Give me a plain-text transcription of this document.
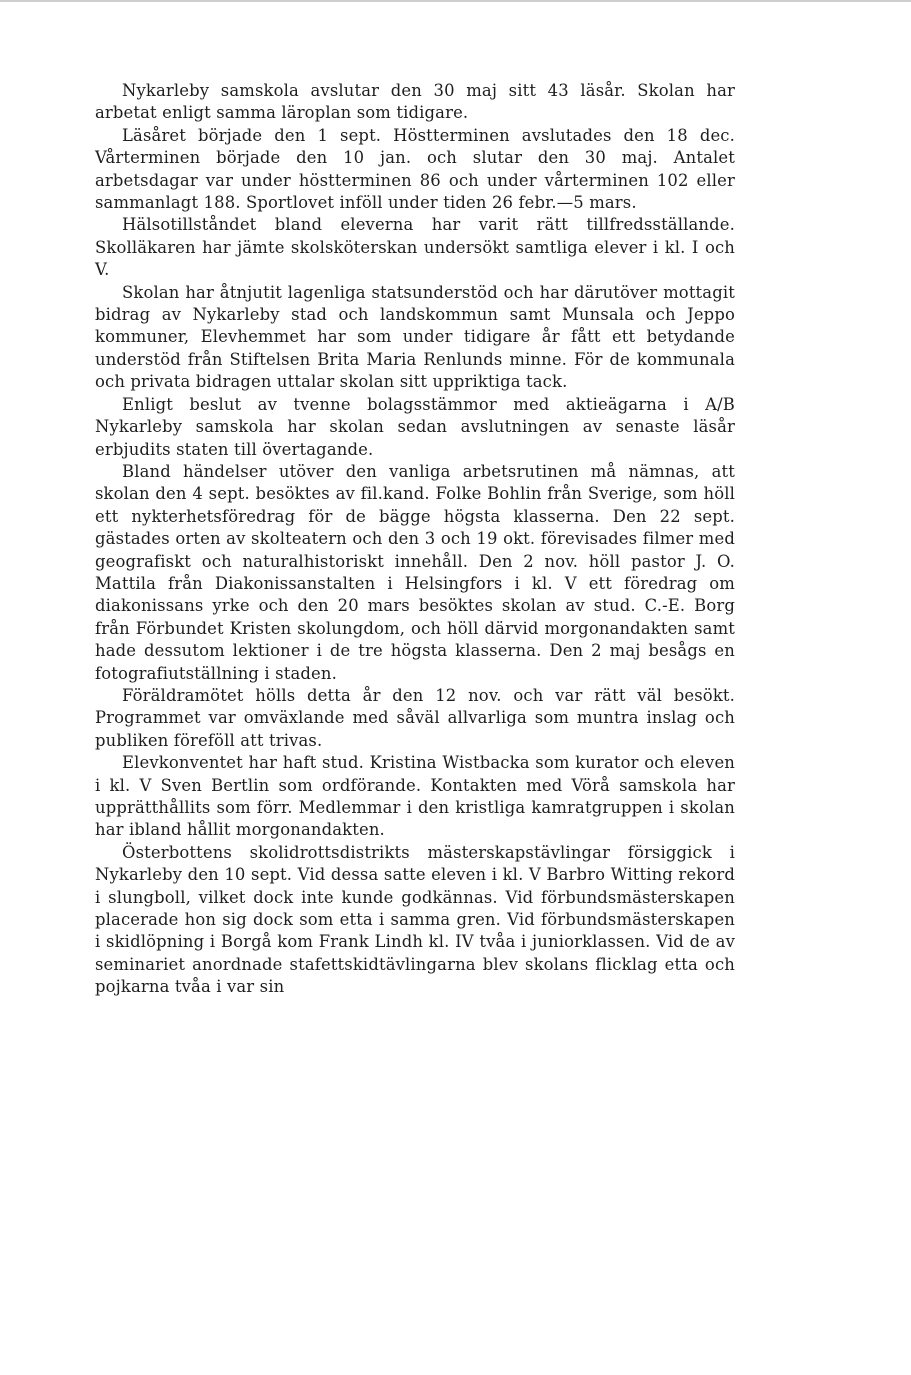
Nykarleby samskola avslutar den 30 maj sitt 43 läsår. Skolan har arbetat enligt samma läroplan som tidigare.

Läsåret började den 1 sept. Höstterminen avslutades den 18 dec. Vårterminen började den 10 jan. och slutar den 30 maj. Antalet arbetsdagar var under höstterminen 86 och under vårterminen 102 eller sammanlagt 188. Sportlovet inföll under tiden 26 febr.—5 mars.

Hälsotillståndet bland eleverna har varit rätt tillfredsställande. Skolläkaren har jämte skolsköterskan undersökt samtliga elever i kl. I och V.

Skolan har åtnjutit lagenliga statsunderstöd och har därutöver mottagit bidrag av Nykarleby stad och landskommun samt Munsala och Jeppo kommuner, Elevhemmet har som under tidigare år fått ett betydande understöd från Stiftelsen Brita Maria Renlunds minne. För de kommunala och privata bidragen uttalar skolan sitt uppriktiga tack.

Enligt beslut av tvenne bolagsstämmor med aktieägarna i A/B Nykarleby samskola har skolan sedan avslutningen av senaste läsår erbjudits staten till övertagande.

Bland händelser utöver den vanliga arbetsrutinen må nämnas, att skolan den 4 sept. besöktes av fil.kand. Folke Bohlin från Sverige, som höll ett nykterhetsföredrag för de bägge högsta klasserna. Den 22 sept. gästades orten av skolteatern och den 3 och 19 okt. förevisades filmer med geografiskt och naturalhistoriskt innehåll. Den 2 nov. höll pastor J. O. Mattila från Diakonissanstalten i Helsingfors i kl. V ett föredrag om diakonissans yrke och den 20 mars besöktes skolan av stud. C.-E. Borg från Förbundet Kristen skolungdom, och höll därvid morgonandakten samt hade dessutom lektioner i de tre högsta klasserna. Den 2 maj besågs en fotografiutställning i staden.

Föräldramötet hölls detta år den 12 nov. och var rätt väl besökt. Programmet var omväxlande med såväl allvarliga som muntra inslag och publiken föreföll att trivas.

Elevkonventet har haft stud. Kristina Wistbacka som kurator och eleven i kl. V Sven Bertlin som ordförande. Kontakten med Vörå samskola har upprätthållits som förr. Medlemmar i den kristliga kamratgruppen i skolan har ibland hållit morgonandakten.

Österbottens skolidrottsdistrikts mästerskapstävlingar försiggick i Nykarleby den 10 sept. Vid dessa satte eleven i kl. V Barbro Witting rekord i slungboll, vilket dock inte kunde godkännas. Vid förbundsmästerskapen placerade hon sig dock som etta i samma gren. Vid förbundsmästerskapen i skidlöpning i Borgå kom Frank Lindh kl. IV tvåa i juniorklassen. Vid de av seminariet anordnade stafettskidtävlingarna blev skolans flicklag etta och pojkarna tvåa i var sin
